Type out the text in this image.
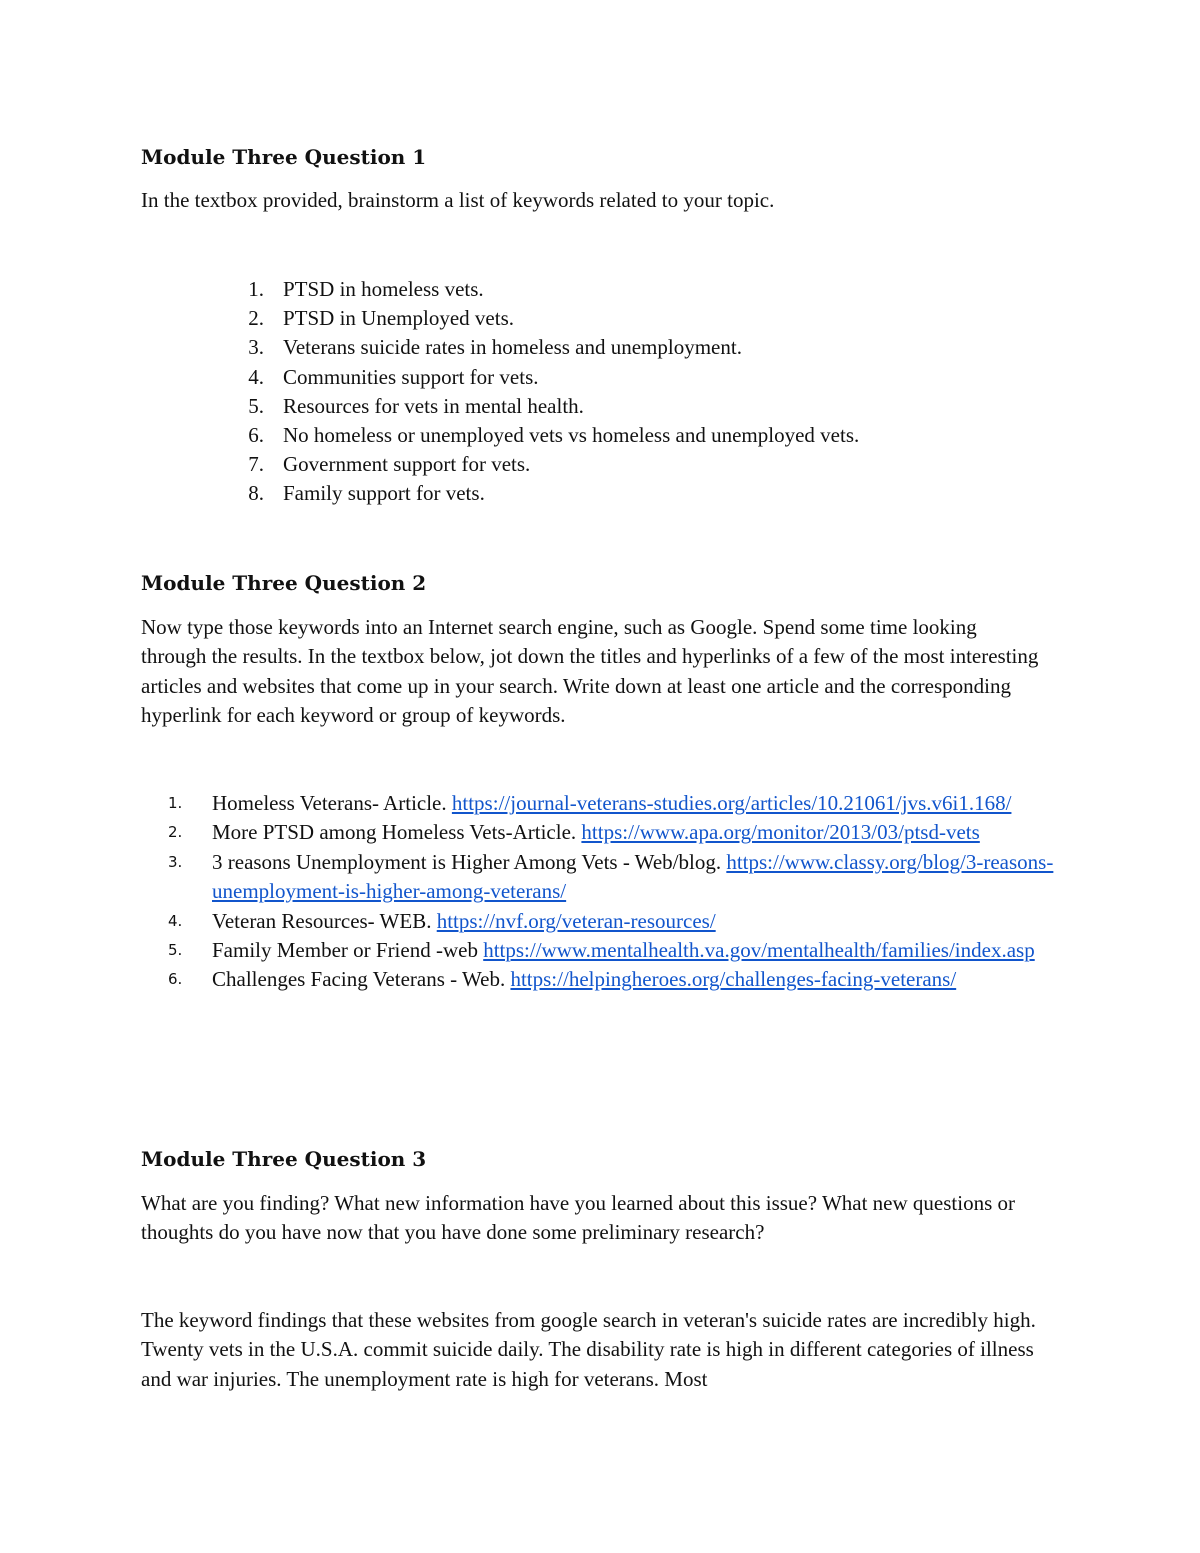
Module Three Question 1

In the textbox provided, brainstorm a list of keywords related to your topic.

1. PTSD in homeless vets.
2. PTSD in Unemployed vets.
3. Veterans suicide rates in homeless and unemployment.
4. Communities support for vets.
5. Resources for vets in mental health.
6. No homeless or unemployed vets vs homeless and unemployed vets.
7. Government support for vets.
8. Family support for vets.
Module Three Question 2

Now type those keywords into an Internet search engine, such as Google. Spend some time looking through the results. In the textbox below, jot down the titles and hyperlinks of a few of the most interesting articles and websites that come up in your search. Write down at least one article and the corresponding hyperlink for each keyword or group of keywords.

1. Homeless Veterans- Article. https://journal-veterans-studies.org/articles/10.21061/jvs.v6i1.168/
2. More PTSD among Homeless Vets-Article. https://www.apa.org/monitor/2013/03/ptsd-vets
3. 3 reasons Unemployment is Higher Among Vets - Web/blog. https://www.classy.org/blog/3-reasons-unemployment-is-higher-among-veterans/
4. Veteran Resources- WEB. https://nvf.org/veteran-resources/
5. Family Member or Friend -web https://www.mentalhealth.va.gov/mentalhealth/families/index.asp
6. Challenges Facing Veterans - Web. https://helpingheroes.org/challenges-facing-veterans/
Module Three Question 3

What are you finding? What new information have you learned about this issue? What new questions or thoughts do you have now that you have done some preliminary research?

The keyword findings that these websites from google search in veteran's suicide rates are incredibly high. Twenty vets in the U.S.A. commit suicide daily. The disability rate is high in different categories of illness and war injuries. The unemployment rate is high for veterans. Most
